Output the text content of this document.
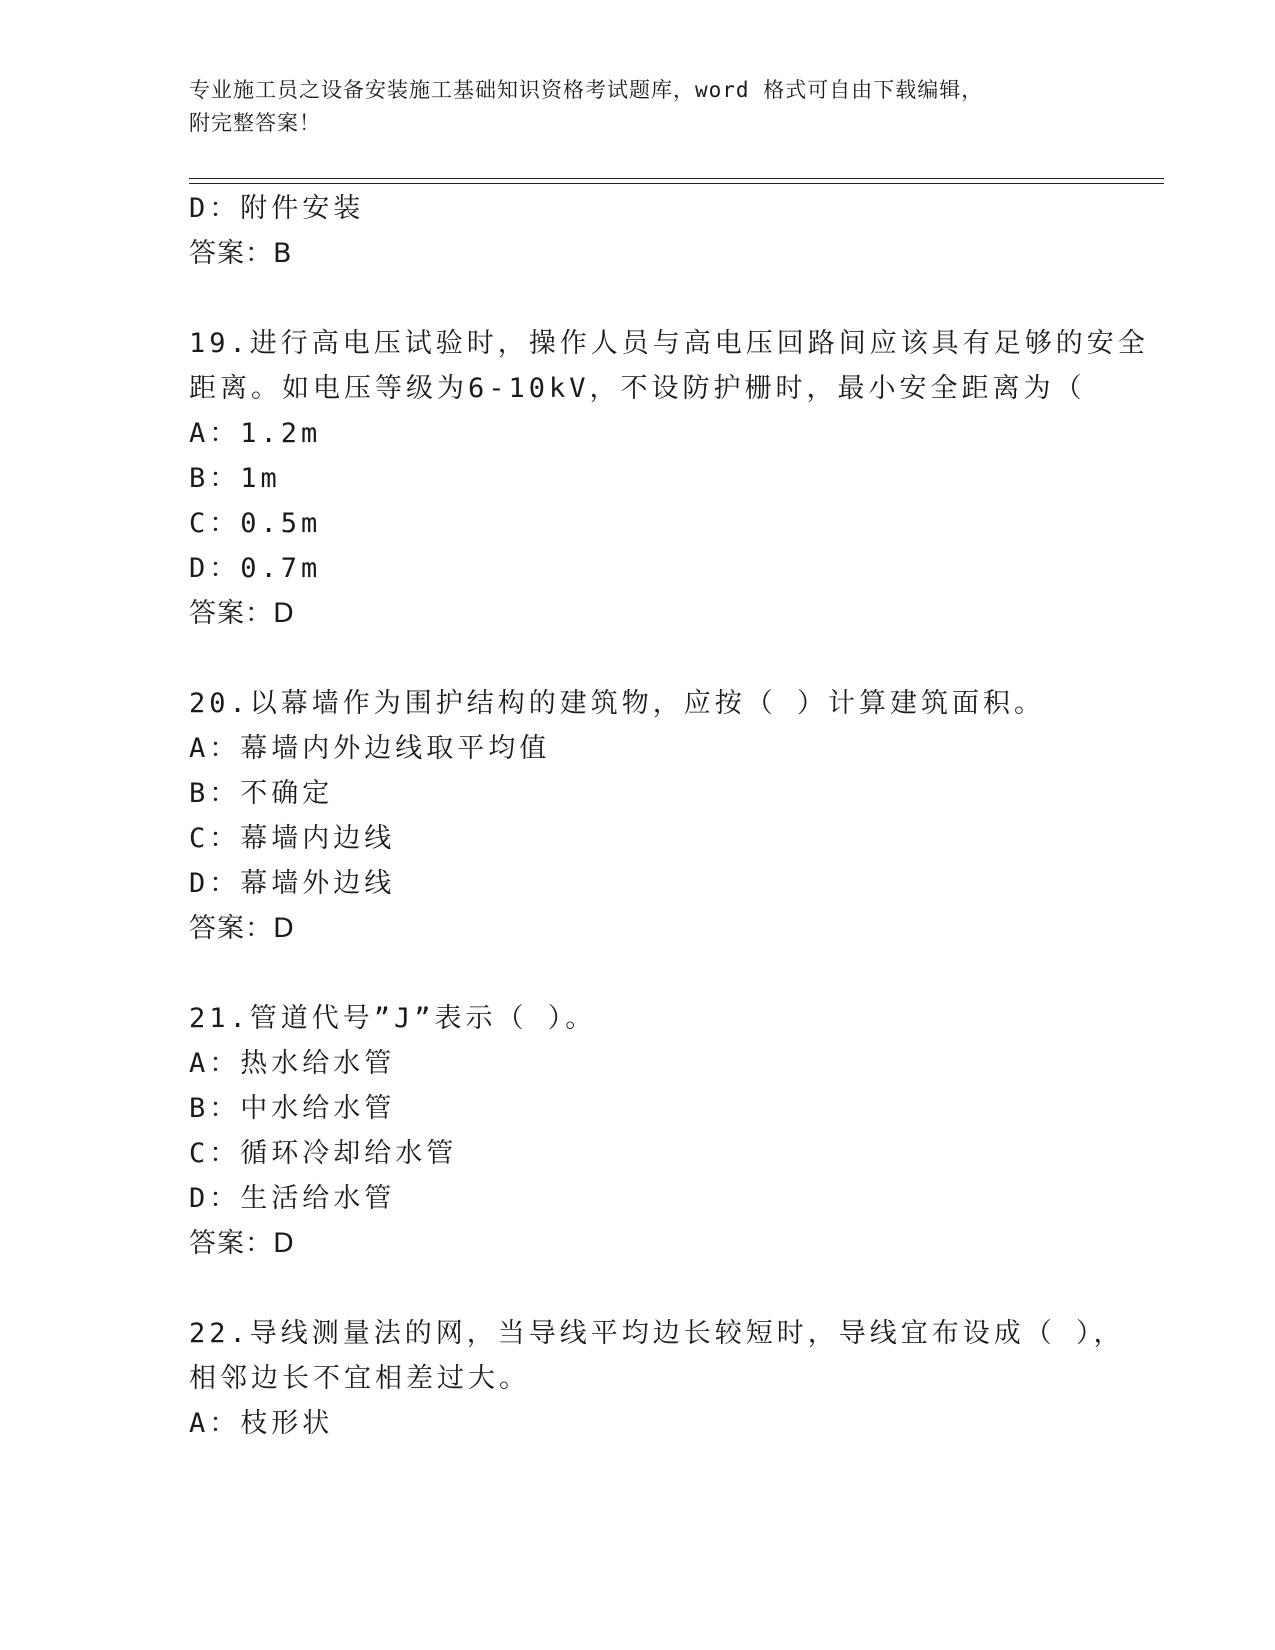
专业施工员之设备安装施工基础知识资格考试题库，word 格式可自由下载编辑，
附完整答案！
D：附件安装
答案：B
19.进行高电压试验时，操作人员与高电压回路间应该具有足够的安全
距离。如电压等级为6-10kV，不设防护栅时，最小安全距离为（
A：1.2m
B：1m
C：0.5m
D：0.7m
答案：D
20.以幕墙作为围护结构的建筑物，应按（ ）计算建筑面积。
A：幕墙内外边线取平均值
B：不确定
C：幕墙内边线
D：幕墙外边线
答案：D
21.管道代号”J”表示（ ）。
A：热水给水管
B：中水给水管
C：循环冷却给水管
D：生活给水管
答案：D
22.导线测量法的网，当导线平均边长较短时，导线宜布设成（ ），
相邻边长不宜相差过大。
A：枝形状
